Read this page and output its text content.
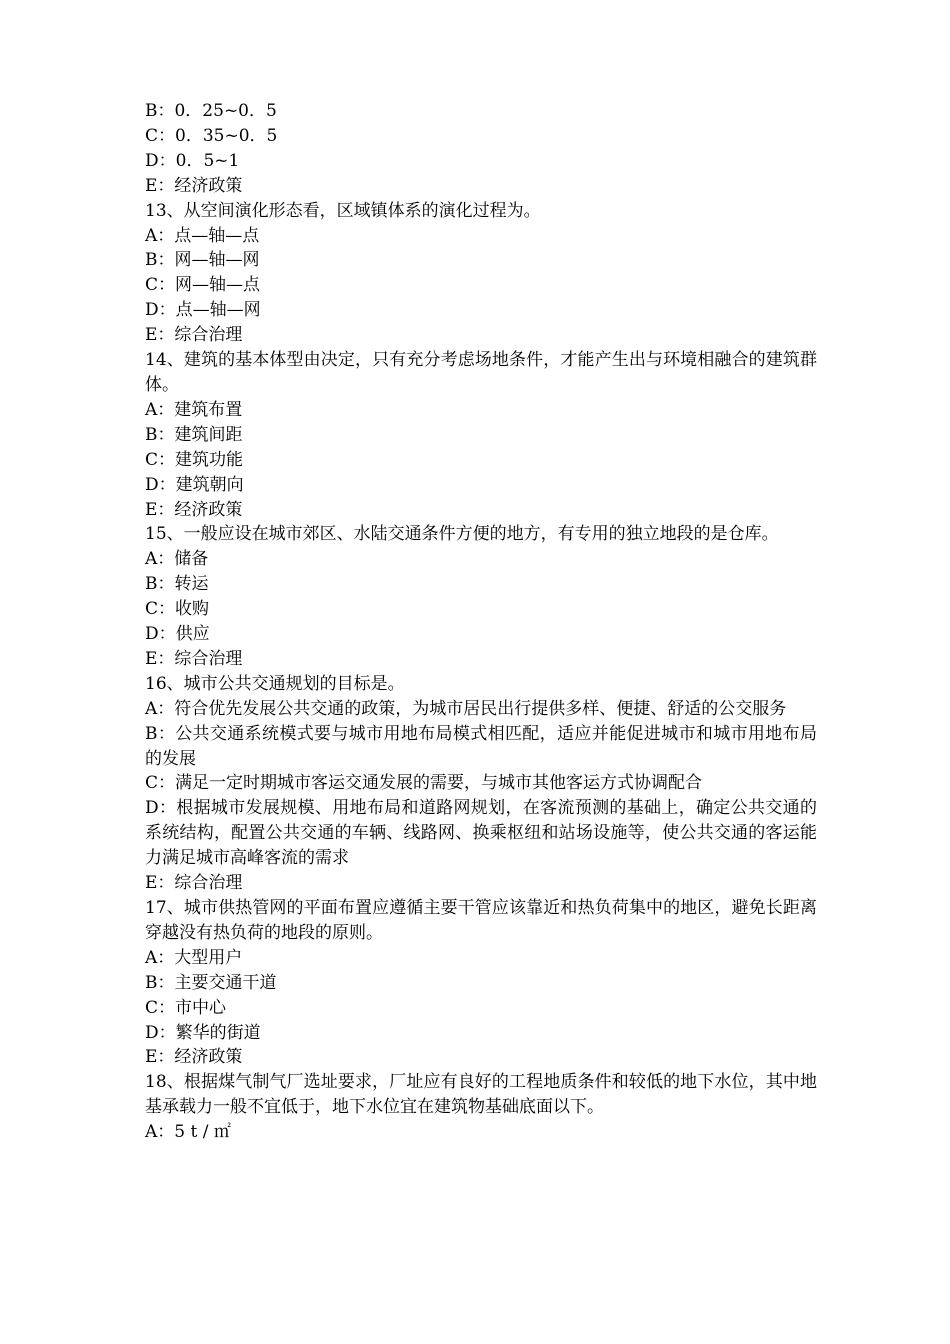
B：0．25~0．5

C：0．35~0．5

D：0．5~1

E：经济政策

13、从空间演化形态看，区域镇体系的演化过程为。

A：点—轴—点

B：网—轴—网

C：网—轴—点

D：点—轴—网

E：综合治理

14、建筑的基本体型由决定，只有充分考虑场地条件，才能产生出与环境相融合的建筑群体。

A：建筑布置

B：建筑间距

C：建筑功能

D：建筑朝向

E：经济政策

15、一般应设在城市郊区、水陆交通条件方便的地方，有专用的独立地段的是仓库。

A：储备

B：转运

C：收购

D：供应

E：综合治理

16、城市公共交通规划的目标是。

A：符合优先发展公共交通的政策，为城市居民出行提供多样、便捷、舒适的公交服务

B：公共交通系统模式要与城市用地布局模式相匹配，适应并能促进城市和城市用地布局的发展

C：满足一定时期城市客运交通发展的需要，与城市其他客运方式协调配合

D：根据城市发展规模、用地布局和道路网规划，在客流预测的基础上，确定公共交通的系统结构，配置公共交通的车辆、线路网、换乘枢纽和站场设施等，使公共交通的客运能力满足城市高峰客流的需求

E：综合治理

17、城市供热管网的平面布置应遵循主要干管应该靠近和热负荷集中的地区，避免长距离穿越没有热负荷的地段的原则。

A：大型用户

B：主要交通干道

C：市中心

D：繁华的街道

E：经济政策

18、根据煤气制气厂选址要求，厂址应有良好的工程地质条件和较低的地下水位，其中地基承载力一般不宜低于，地下水位宜在建筑物基础底面以下。

A：5 t / ㎡
